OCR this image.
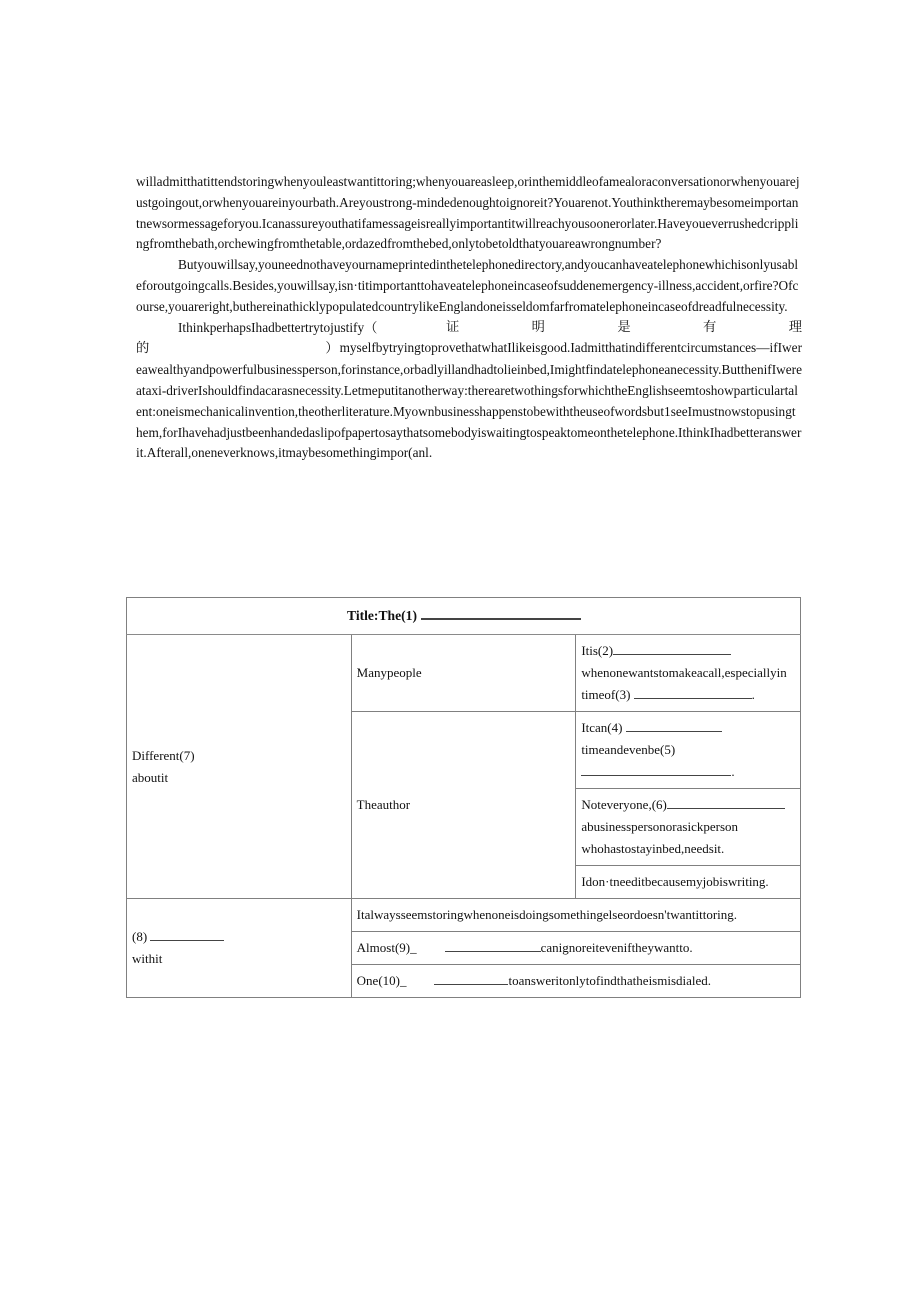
willadmitthatittendstoringwhenyouleastwantittoring;whenyouareasleep,orinthemiddleofamealoraconversationorwhenyouarejustgoingout,orwhenyouareinyourbath.Areyoustrong-mindedenoughtoignoreit?Youarenot.Youthinktheremaybesomeimportantnewsormessageforyou.Icanassureyouthatifamessageisreallyimportantitwillreachyousoonerorlater.Haveyoueverrushedcripplingfromthebath,orchewingfromthetable,ordazedfromthebed,onlytobetoldthatyouareawrongnumber?

Butyouwillsay,youneednothaveyournameprintedinthetelephonedirectory,andyoucanhaveatelephonewhichisonlyusableforoutgoingcalls.Besides,youwillsay,isn·titimportanttohaveatelephoneincaseofsuddenemergency-illness,accident,orfire?Ofcourse,youareright,buthereinathicklypopulatedcountrylikeEnglandoneisseldomfarfromatelephoneincaseofdreadfulnecessity.

IthinkperhapsIhadbettertrytojustify（	证	明	是	有	理

的	）myselfbytryingtoprovethatwhatIlikeisgood.Iadmitthatindifferentcircumstances—ifIwereawealthyandpowerfulbusinessperson,forinstance,orbadlyillandhadtolieinbed,Imightfindatelephoneanecessity.ButthenifIwereataxi-driverIshouldfindacarasnecessity.Letmeputitanotherway:therearetwothingsforwhichtheEnglishseemtoshowparticulartalent:oneismechanicalinvention,theotherliterature.Myownbusinesshappenstobewiththeuseofwordsbut1seeImustnowstopusingthem,forIhavehadjustbeenhandedaslipofpapertosaythatsomebodyiswaitingtospeaktomeonthetelephone.IthinkIhadbetteranswerit.Afterall,oneneverknows,itmaybesomethingimpor(anl.

Title:The(1)		

Different(7)
aboutit	Manypeople	Itis(2)whenonewantstomakeacall,especiallyin
timeof(3) .

	Theauthor	Itcan(4) timeandevenbe(5) .

		Noteveryone,(6)abusinesspersonorasickperson
whohastostayinbed,needsit.

		Idon·tneeditbecausemyjobiswriting.

(8)
withit	Italwaysseemstoringwhenoneisdoingsomethingelseordoesn'twantittoring.	

	Almost(9)_ canignoreiteveniftheywantto.	

	One(10)_ toansweritonlytofindthatheismisdialed.	
